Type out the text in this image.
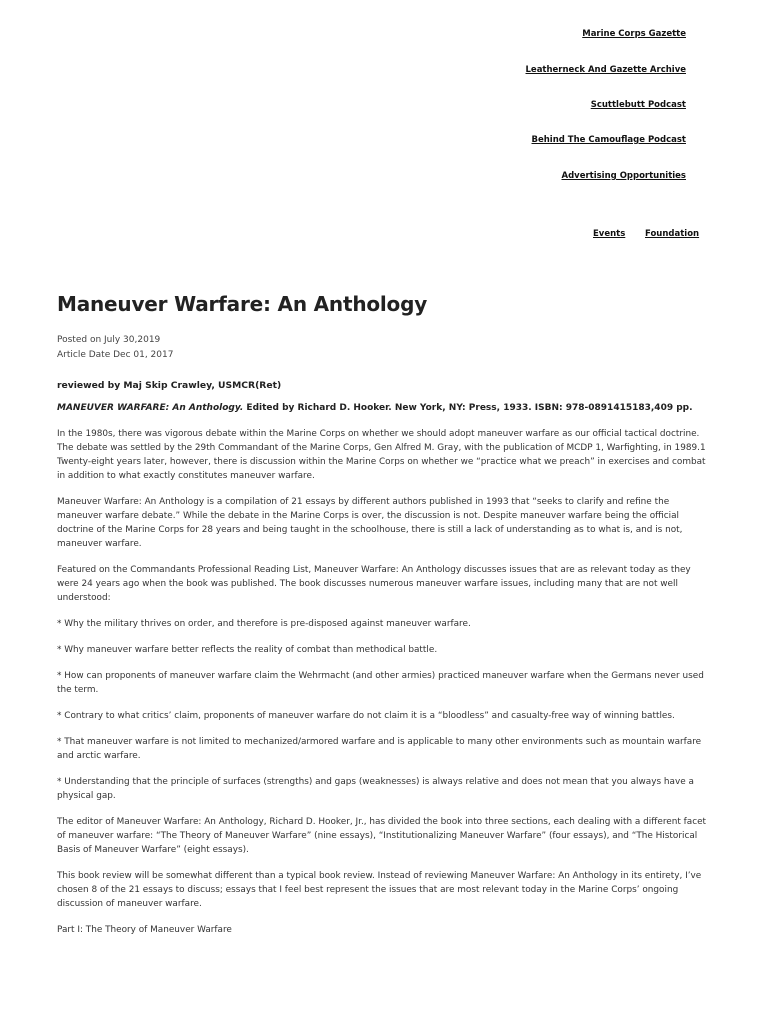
Marine Corps Gazette
Leatherneck And Gazette Archive
Scuttlebutt Podcast
Behind The Camouflage Podcast
Advertising Opportunities
Events Foundation
Maneuver Warfare: An Anthology
Posted on July 30,2019
Article Date Dec 01, 2017
reviewed by Maj Skip Crawley, USMCR(Ret)
MANEUVER WARFARE: An Anthology. Edited by Richard D. Hooker. New York, NY: Press, 1933. ISBN: 978-0891415183,409 pp.

In the 1980s, there was vigorous debate within the Marine Corps on whether we should adopt maneuver warfare as our official tactical doctrine. The debate was settled by the 29th Commandant of the Marine Corps, Gen Alfred M. Gray, with the publication of MCDP 1, Warfighting, in 1989.1 Twenty-eight years later, however, there is discussion within the Marine Corps on whether we “practice what we preach” in exercises and combat in addition to what exactly constitutes maneuver warfare.

Maneuver Warfare: An Anthology is a compilation of 21 essays by different authors published in 1993 that “seeks to clarify and refine the maneuver warfare debate.” While the debate in the Marine Corps is over, the discussion is not. Despite maneuver warfare being the official doctrine of the Marine Corps for 28 years and being taught in the schoolhouse, there is still a lack of understanding as to what is, and is not, maneuver warfare.

Featured on the Commandants Professional Reading List, Maneuver Warfare: An Anthology discusses issues that are as relevant today as they were 24 years ago when the book was published. The book discusses numerous maneuver warfare issues, including many that are not well understood:

* Why the military thrives on order, and therefore is pre-disposed against maneuver warfare.

* Why maneuver warfare better reflects the reality of combat than methodical battle.

* How can proponents of maneuver warfare claim the Wehrmacht (and other armies) practiced maneuver warfare when the Germans never used the term.

* Contrary to what critics’ claim, proponents of maneuver warfare do not claim it is a “bloodless” and casualty-free way of winning battles.

* That maneuver warfare is not limited to mechanized/armored warfare and is applicable to many other environments such as mountain warfare and arctic warfare.

* Understanding that the principle of surfaces (strengths) and gaps (weaknesses) is always relative and does not mean that you always have a physical gap.

The editor of Maneuver Warfare: An Anthology, Richard D. Hooker, Jr., has divided the book into three sections, each dealing with a different facet of maneuver warfare: “The Theory of Maneuver Warfare” (nine essays), “Institutionalizing Maneuver Warfare” (four essays), and “The Historical Basis of Maneuver Warfare” (eight essays).

This book review will be somewhat different than a typical book review. Instead of reviewing Maneuver Warfare: An Anthology in its entirety, I’ve chosen 8 of the 21 essays to discuss; essays that I feel best represent the issues that are most relevant today in the Marine Corps’ ongoing discussion of maneuver warfare.

Part I: The Theory of Maneuver Warfare
